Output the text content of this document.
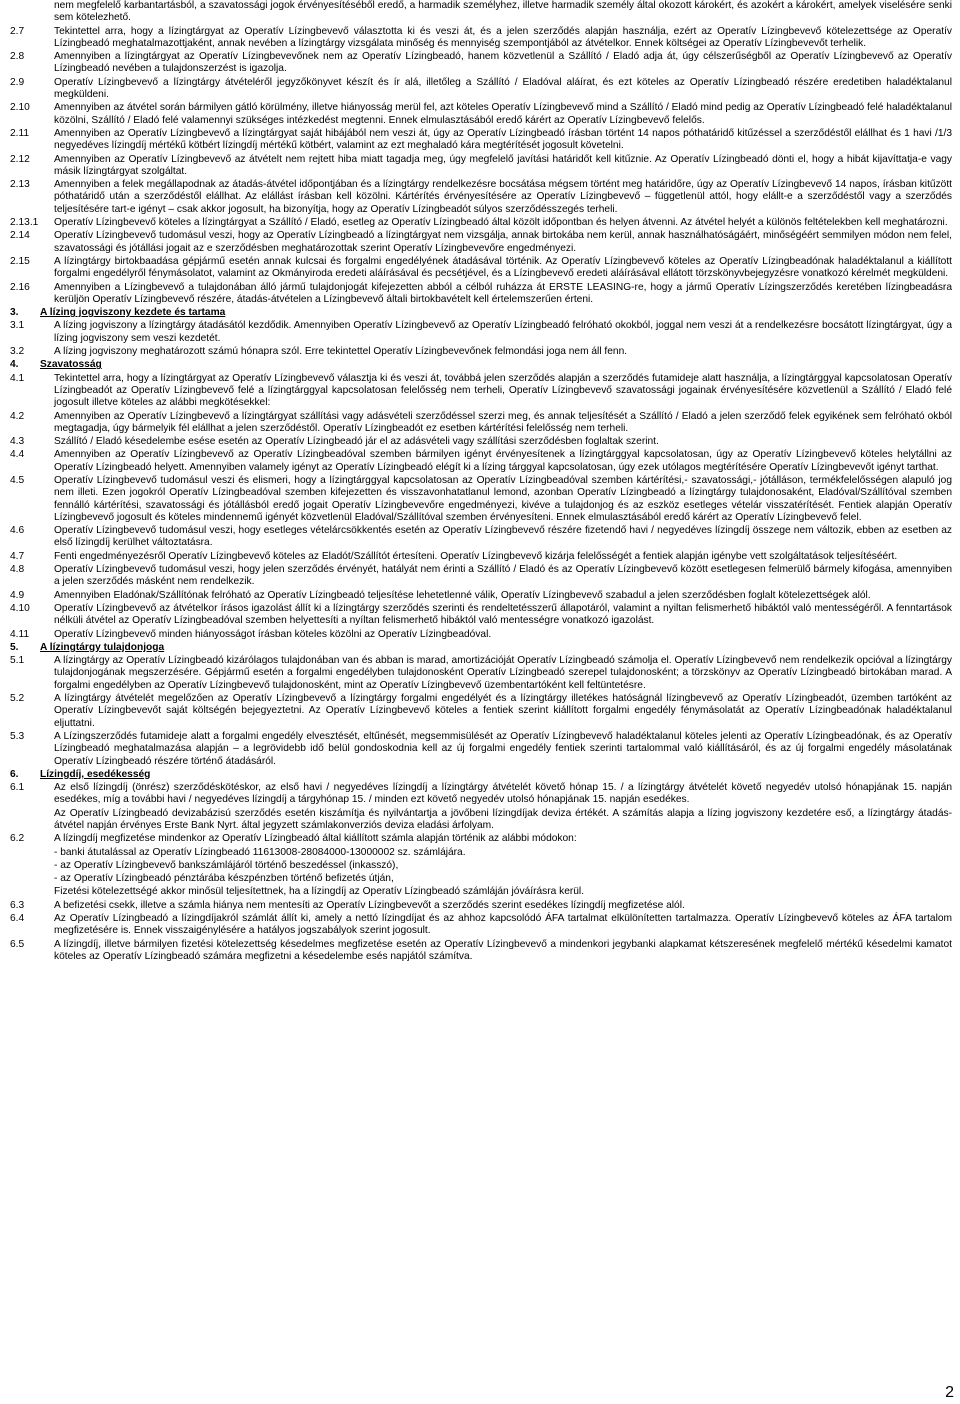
nem megfelelő karbantartásból, a szavatossági jogok érvényesítéséből eredő, a harmadik személyhez, illetve harmadik személy által okozott károkért, és azokért a károkért, amelyek viselésére senki sem kötelezhető.
2.7	Tekintettel arra, hogy a lízingtárgyat az Operatív Lízingbevevő választotta ki és veszi át, és a jelen szerződés alapján használja, ezért az Operatív Lízingbevevő kötelezettsége az Operatív Lízingbeadó meghatalmazottjaként, annak nevében a lízingtárgy vizsgálata minőség és mennyiség szempontjából az átvételkor. Ennek költségei az Operatív Lízingbevevőt terhelik.
2.8	Amennyiben a lízingtárgyat az Operatív Lízingbevevőnek nem az Operatív Lízingbeadó, hanem közvetlenül a Szállító / Eladó adja át, úgy célszerűségből az Operatív Lízingbevevő az Operatív Lízingbeadó nevében a tulajdonszerzést is igazolja.
2.9	Operatív Lízingbevevő a lízingtárgy átvételéről jegyzőkönyvet készít és ír alá, illetőleg a Szállító / Eladóval aláírat, és ezt köteles az Operatív Lízingbeadó részére eredetiben haladéktalanul megküldeni.
2.10	Amennyiben az átvétel során bármilyen gátló körülmény, illetve hiányosság merül fel, azt köteles Operatív Lízingbevevő mind a Szállító / Eladó mind pedig az Operatív Lízingbeadó felé haladéktalanul közölni, Szállító / Eladó felé valamennyi szükséges intézkedést megtenni. Ennek elmulasztásából eredő kárért az Operatív Lízingbevevő felelős.
2.11	Amennyiben az Operatív Lízingbevevő a lízingtárgyat saját hibájából nem veszi át, úgy az Operatív Lízingbeadó írásban történt 14 napos póthatáridő kitűzéssel a szerződéstől elállhat és 1 havi /1/3 negyedéves lízingdíj mértékű kötbért lízingdíj mértékű kötbért, valamint az ezt meghaladó kára megtérítését jogosult követelni.
2.12	Amennyiben az Operatív Lízingbevevő az átvételt nem rejtett hiba miatt tagadja meg, úgy megfelelő javítási határidőt kell kitűznie. Az Operatív Lízingbeadó dönti el, hogy a hibát kijavíttatja-e vagy másik lízingtárgyat szolgáltat.
2.13	Amennyiben a felek megállapodnak az átadás-átvétel időpontjában és a lízingtárgy rendelkezésre bocsátása mégsem történt meg határidőre, úgy az Operatív Lízingbevevő 14 napos, írásban kitűzött póthatáridő után a szerződéstől elállhat. Az elállást írásban kell közölni. Kártérítés érvényesítésére az Operatív Lízingbevevő – függetlenül attól, hogy elállt-e a szerződéstől vagy a szerződés teljesítésére tart-e igényt – csak akkor jogosult, ha bizonyítja, hogy az Operatív Lízingbeadót súlyos szerződésszegés terheli.
2.13.1	Operatív Lízingbevevő köteles a lízingtárgyat a Szállító / Eladó, esetleg az Operatív Lízingbeadó által közölt időpontban és helyen átvenni. Az átvétel helyét a különös feltételekben kell meghatározni.
2.14	Operatív Lízingbevevő tudomásul veszi, hogy az Operatív Lízingbeadó a lízingtárgyat nem vizsgálja, annak birtokába nem kerül, annak használhatóságáért, minőségéért semmilyen módon nem felel, szavatossági és jótállási jogait az e szerződésben meghatározottak szerint Operatív Lízingbevevőre engedményezi.
2.15	A lízingtárgy birtokbaadása gépjármű esetén annak kulcsai és forgalmi engedélyének átadásával történik. Az Operatív Lízingbevevő köteles az Operatív Lízingbeadónak haladéktalanul a kiállított forgalmi engedélyről fénymásolatot, valamint az Okmányiroda eredeti aláírásával és pecsétjével, és a Lízingbevevő eredeti aláírásával ellátott törzskönyvbejegyzésre vonatkozó kérelmét megküldeni.
2.16	Amennyiben a Lízingbevevő a tulajdonában álló jármű tulajdonjogát kifejezetten abból a célból ruházza át ERSTE LEASING-re, hogy a jármű Operatív Lízingszerződés keretében lízingbeadásra kerüljön Operatív Lízingbevevő részére, átadás-átvételen a Lízingbevevő általi birtokbavételt kell értelemszerűen érteni.
3.	A lízing jogviszony kezdete és tartama
3.1	A lízing jogviszony a lízingtárgy átadásától kezdődik. Amennyiben Operatív Lízingbevevő az Operatív Lízingbeadó felróható okokból, joggal nem veszi át a rendelkezésre bocsátott lízingtárgyat, úgy a lízing jogviszony sem veszi kezdetét.
3.2	A lízing jogviszony meghatározott számú hónapra szól. Erre tekintettel Operatív Lízingbevevőnek felmondási joga nem áll fenn.
4.	Szavatosság
4.1	Tekintettel arra, hogy a lízingtárgyat az Operatív Lízingbevevő választja ki és veszi át, továbbá jelen szerződés alapján a szerződés futamideje alatt használja, a lízingtárggyal kapcsolatosan Operatív Lízingbeadót az Operatív Lízingbevevő felé a lízingtárggyal kapcsolatosan felelősség nem terheli, Operatív Lízingbevevő szavatossági jogainak érvényesítésére közvetlenül a Szállító / Eladó felé jogosult illetve köteles az alábbi megkötésekkel:
4.2	Amennyiben az Operatív Lízingbevevő a lízingtárgyat szállítási vagy adásvételi szerződéssel szerzi meg, és annak teljesítését a Szállító / Eladó a jelen szerződő felek egyikének sem felróható okból megtagadja, úgy bármelyik fél elállhat a jelen szerződéstől. Operatív Lízingbeadót ez esetben kártérítési felelősség nem terheli.
4.3	Szállító / Eladó késedelembe esése esetén az Operatív Lízingbeadó jár el az adásvételi vagy szállítási szerződésben foglaltak szerint.
4.4	Amennyiben az Operatív Lízingbevevő az Operatív Lízingbeadóval szemben bármilyen igényt érvényesítenek a lízingtárggyal kapcsolatosan, úgy az Operatív Lízingbevevő köteles helytállni az Operatív Lízingbeadó helyett. Amennyiben valamely igényt az Operatív Lízingbeadó elégít ki a lízing tárggyal kapcsolatosan, úgy ezek utólagos megtérítésére Operatív Lízingbevevőt igényt tarthat.
4.5	Operatív Lízingbevevő tudomásul veszi és elismeri, hogy a lízingtárggyal kapcsolatosan az Operatív Lízingbeadóval szemben kártérítési,- szavatossági,- jótálláson, termékfelelősségen alapuló jog nem illeti. Ezen jogokról Operatív Lízingbeadóval szemben kifejezetten és visszavonhatatlanul lemond, azonban Operatív Lízingbeadó a lízingtárgy tulajdonosaként, Eladóval/Szállítóval szemben fennálló kártérítési, szavatossági és jótállásból eredő jogait Operatív Lízingbevevőre engedményezi, kivéve a tulajdonjog és az eszköz esetleges vételár visszatérítését. Fentiek alapján Operatív Lízingbevevő jogosult és köteles mindennemű igényét közvetlenül Eladóval/Szállítóval szemben érvényesíteni. Ennek elmulasztásából eredő kárért az Operatív Lízingbevevő felel.
4.6	Operatív Lízingbevevő tudomásul veszi, hogy esetleges vételárcsökkentés esetén az Operatív Lízingbevevő részére fizetendő havi / negyedéves lízingdíj összege nem változik, ebben az esetben az első lízingdíj kerülhet változtatásra.
4.7	Fenti engedményezésről Operatív Lízingbevevő köteles az Eladót/Szállítót értesíteni. Operatív Lízingbevevő kizárja felelősségét a fentiek alapján igénybe vett szolgáltatások teljesítéséért.
4.8	Operatív Lízingbevevő tudomásul veszi, hogy jelen szerződés érvényét, hatályát nem érinti a Szállító / Eladó és az Operatív Lízingbevevő között esetlegesen felmerülő bármely kifogása, amennyiben a jelen szerződés másként nem rendelkezik.
4.9	Amennyiben Eladónak/Szállítónak felróható az Operatív Lízingbeadó teljesítése lehetetlenné válik, Operatív Lízingbevevő szabadul a jelen szerződésben foglalt kötelezettségek alól.
4.10	Operatív Lízingbevevő az átvételkor írásos igazolást állít ki a lízingtárgy szerződés szerinti és rendeltetésszerű állapotáról, valamint a nyiltan felismerhető hibáktól való mentességéről. A fenntartások nélküli átvétel az Operatív Lízingbeadóval szemben helyettesíti a nyíltan felismerhető hibáktól való mentességre vonatkozó igazolást.
4.11	Operatív Lízingbevevő minden hiányosságot írásban köteles közölni az Operatív Lízingbeadóval.
5.	A lízingtárgy tulajdonjoga
5.1	A lízingtárgy az Operatív Lízingbeadó kizárólagos tulajdonában van és abban is marad, amortizációját Operatív Lízingbeadó számolja el. Operatív Lízingbevevő nem rendelkezik opcióval a lízingtárgy tulajdonjogának megszerzésére. Gépjármű esetén a forgalmi engedélyben tulajdonosként Operatív Lízingbeadó szerepel tulajdonosként; a törzskönyv az Operatív Lízingbeadó birtokában marad. A forgalmi engedélyben az Operatív Lízingbevevő tulajdonosként, mint az Operatív Lízingbevevő üzembentartóként kell feltüntetésre.
5.2	A lízingtárgy átvételét megelőzően az Operatív Lízingbevevő a lízingtárgy forgalmi engedélyét és a lízingtárgy illetékes hatóságnál lízingbevevő az Operatív Lízingbeadót, üzemben tartóként az Operatív Lízingbevevőt saját költségén bejegyeztetni. Az Operatív Lízingbevevő köteles a fentiek szerint kiállított forgalmi engedély fénymásolatát az Operatív Lízingbeadónak haladéktalanul eljuttatni.
5.3	A Lízingszerződés futamideje alatt a forgalmi engedély elvesztését, eltűnését, megsemmisülését az Operatív Lízingbevevő haladéktalanul köteles jelenti az Operatív Lízingbeadónak, és az Operatív Lízingbeadó meghatalmazása alapján – a legrövidebb idő belül gondoskodnia kell az új forgalmi engedély fentiek szerinti tartalommal való kiállításáról, és az új forgalmi engedély másolatának Operatív Lízingbeadó részére történő átadásáról.
6.	Lízingdíj, esedékesség
6.1	Az első lízingdíj (önrész) szerződéskötéskor, az első havi / negyedéves lízingdíj a lízingtárgy átvételét követő hónap 15. / a lízingtárgy átvételét követő negyedév utolsó hónapjának 15. napján esedékes, míg a további havi / negyedéves lízingdíj a tárgyhónap 15. / minden ezt követő negyedév utolsó hónapjának 15. napján esedékes.
Az Operatív Lízingbeadó devizabázisú szerződés esetén kiszámítja és nyilvántartja a jövőbeni lízingdíjak deviza értékét. A számítás alapja a lízing jogviszony kezdetére eső, a lízingtárgy átadás-átvétel napján érvényes Erste Bank Nyrt. által jegyzett számlakonverziós deviza eladási árfolyam.
6.2	A lízingdíj megfizetése mindenkor az Operatív Lízingbeadó által kiállított számla alapján történik az alábbi módokon:
- banki átutalással az Operatív Lízingbeadó 11613008-28084000-13000002 sz. számlájára.
- az Operatív Lízingbevevő bankszámlájáról történő beszedéssel (inkasszó),
- az Operatív Lízingbeadó pénztárába készpénzben történő befizetés útján,
Fizetési kötelezettségé akkor minősül teljesítettnek, ha a lízingdíj az Operatív Lízingbeadó számláján jóváírásra kerül.
6.3	A befizetési csekk, illetve a számla hiánya nem mentesíti az Operatív Lízingbevevőt a szerződés szerint esedékes lízingdíj megfizetése alól.
6.4	Az Operatív Lízingbeadó a lízingdíjakról számlát állít ki, amely a nettó lízingdíjat és az ahhoz kapcsolódó ÁFA tartalmat elkülönítetten tartalmazza. Operatív Lízingbevevő köteles az ÁFA tartalom megfizetésére is. Ennek visszaigénylésére a hatályos jogszabályok szerint jogosult.
6.5	A lízingdíj, illetve bármilyen fizetési kötelezettség késedelmes megfizetése esetén az Operatív Lízingbevevő a mindenkori jegybanki alapkamat kétszeresének megfelelő mértékű késedelmi kamatot köteles az Operatív Lízingbeadó számára megfizetni a késedelembe esés napjától számítva.
2
